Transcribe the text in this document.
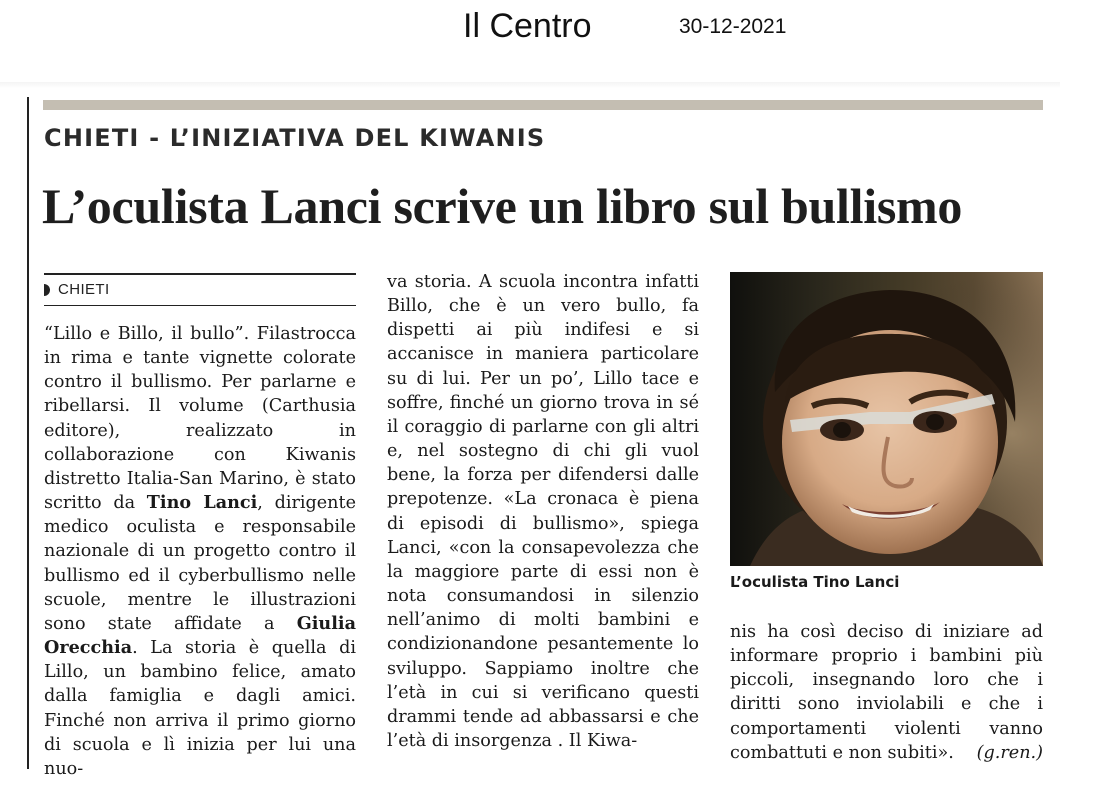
Il Centro	30-12-2021
CHIETI - L’INIZIATIVA DEL KIWANIS
L’oculista Lanci scrive un libro sul bullismo
CHIETI

“Lillo e Billo, il bullo”. Filastrocca in rima e tante vignette colorate contro il bullismo. Per parlarne e ribellarsi. Il volume (Carthusia editore), realizzato in collaborazione con Kiwanis distretto Italia-San Marino, è stato scritto da Tino Lanci, dirigente medico oculista e responsabile nazionale di un progetto contro il bullismo ed il cyberbullismo nelle scuole, mentre le illustrazioni sono state affidate a Giulia Orecchia. La storia è quella di Lillo, un bambino felice, amato dalla famiglia e dagli amici. Finché non arriva il primo giorno di scuola e lì inizia per lui una nuo-

va storia. A scuola incontra infatti Billo, che è un vero bullo, fa dispetti ai più indifesi e si accanisce in maniera particolare su di lui. Per un po’, Lillo tace e soffre, finché un giorno trova in sé il coraggio di parlarne con gli altri e, nel sostegno di chi gli vuol bene, la forza per difendersi dalle prepotenze. «La cronaca è piena di episodi di bullismo», spiega Lanci, «con la consapevolezza che la maggiore parte di essi non è nota consumandosi in silenzio nell’animo di molti bambini e condizionandone pesantemente lo sviluppo. Sappiamo inoltre che l’età in cui si verificano questi drammi tende ad abbassarsi e che l’età di insorgenza . Il Kiwa-

L’oculista Tino Lanci

nis ha così deciso di iniziare ad informare proprio i bambini più piccoli, insegnando loro che i diritti sono inviolabili e che i comportamenti violenti vanno combattuti e non subiti». (g.ren.)
